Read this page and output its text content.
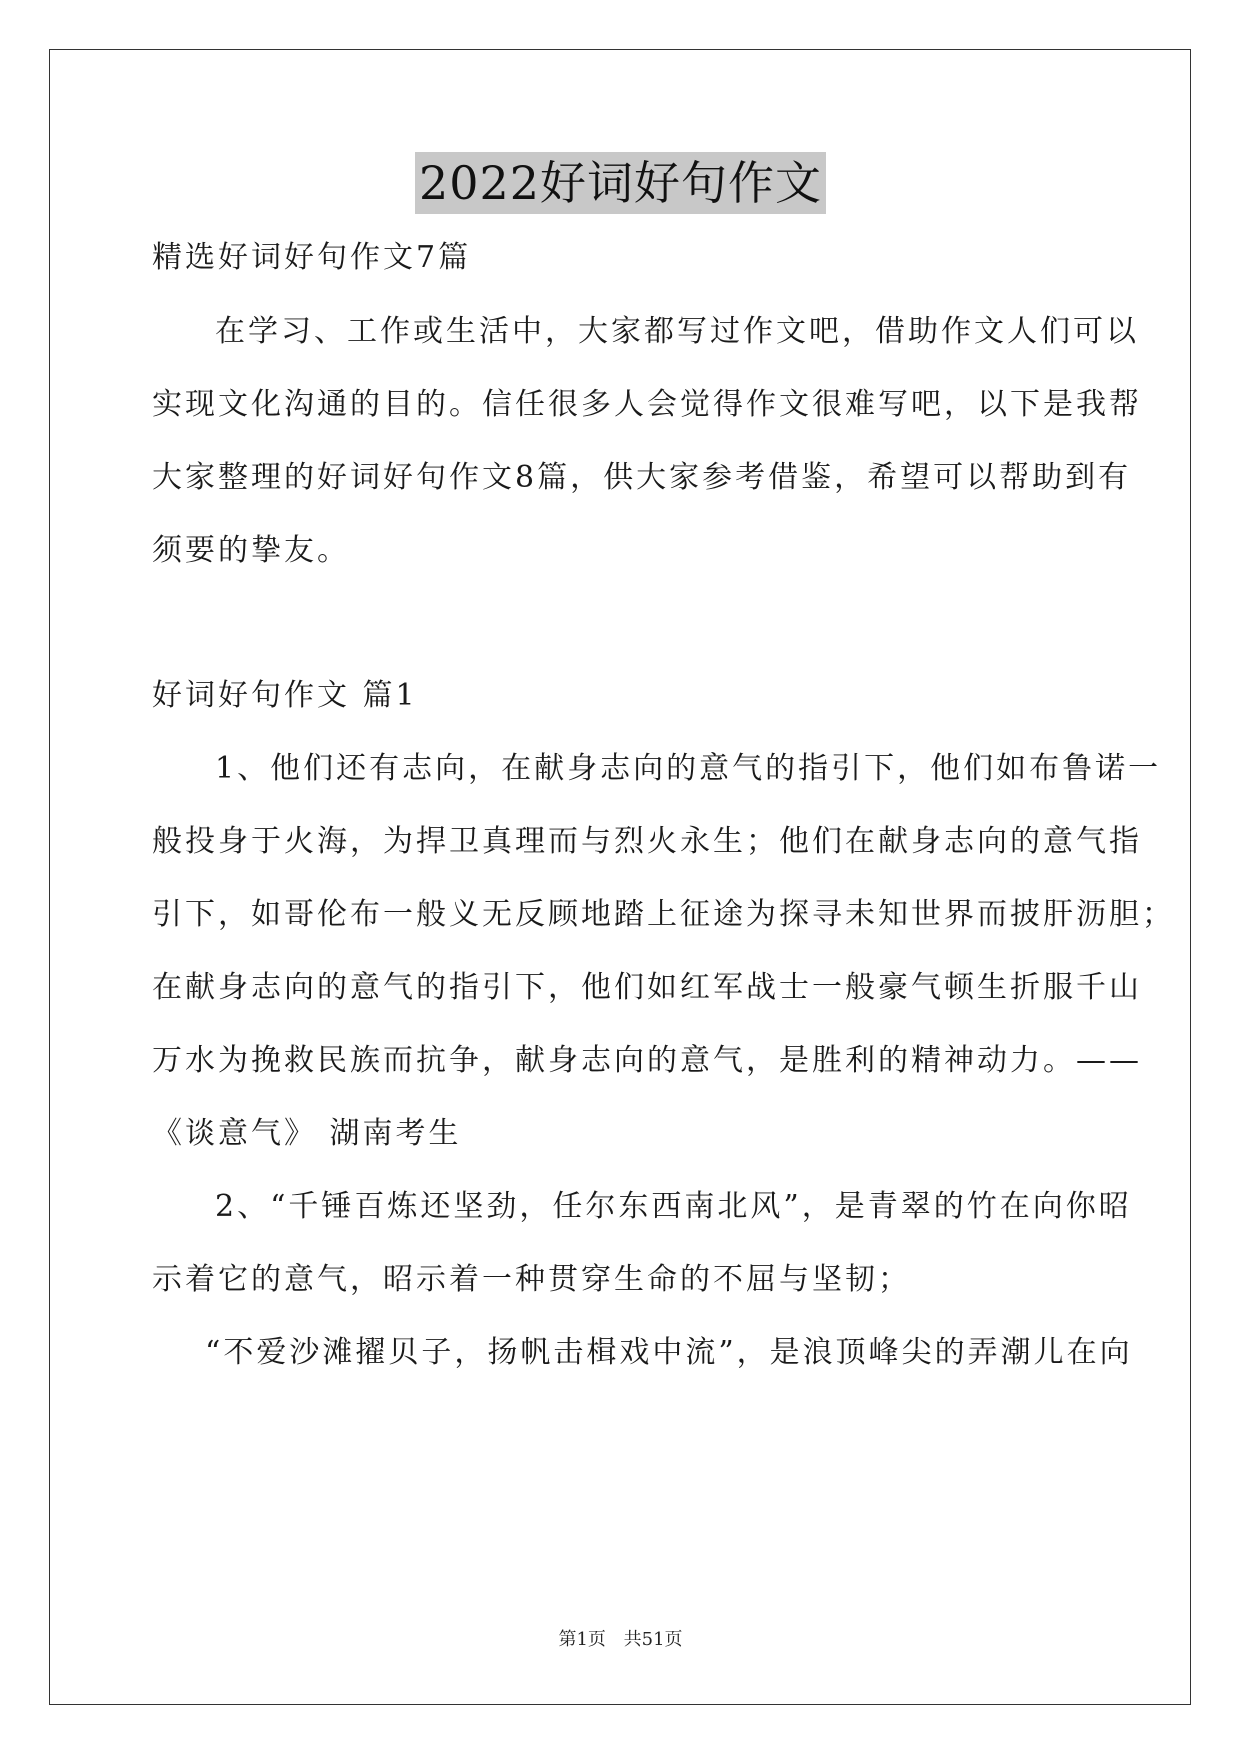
2022好词好句作文
精选好词好句作文7篇
在学习、工作或生活中，大家都写过作文吧，借助作文人们可以
实现文化沟通的目的。信任很多人会觉得作文很难写吧，以下是我帮
大家整理的好词好句作文8篇，供大家参考借鉴，希望可以帮助到有
须要的挚友。
好词好句作文 篇1
1、他们还有志向，在献身志向的意气的指引下，他们如布鲁诺一
般投身于火海，为捍卫真理而与烈火永生；他们在献身志向的意气指
引下，如哥伦布一般义无反顾地踏上征途为探寻未知世界而披肝沥胆；
在献身志向的意气的指引下，他们如红军战士一般豪气顿生折服千山
万水为挽救民族而抗争，献身志向的意气，是胜利的精神动力。——
《谈意气》 湖南考生
2、“千锤百炼还坚劲，任尔东西南北风”，是青翠的竹在向你昭
示着它的意气，昭示着一种贯穿生命的不屈与坚韧；
“不爱沙滩擢贝子，扬帆击楫戏中流”，是浪顶峰尖的弄潮儿在向
第1页 共51页
